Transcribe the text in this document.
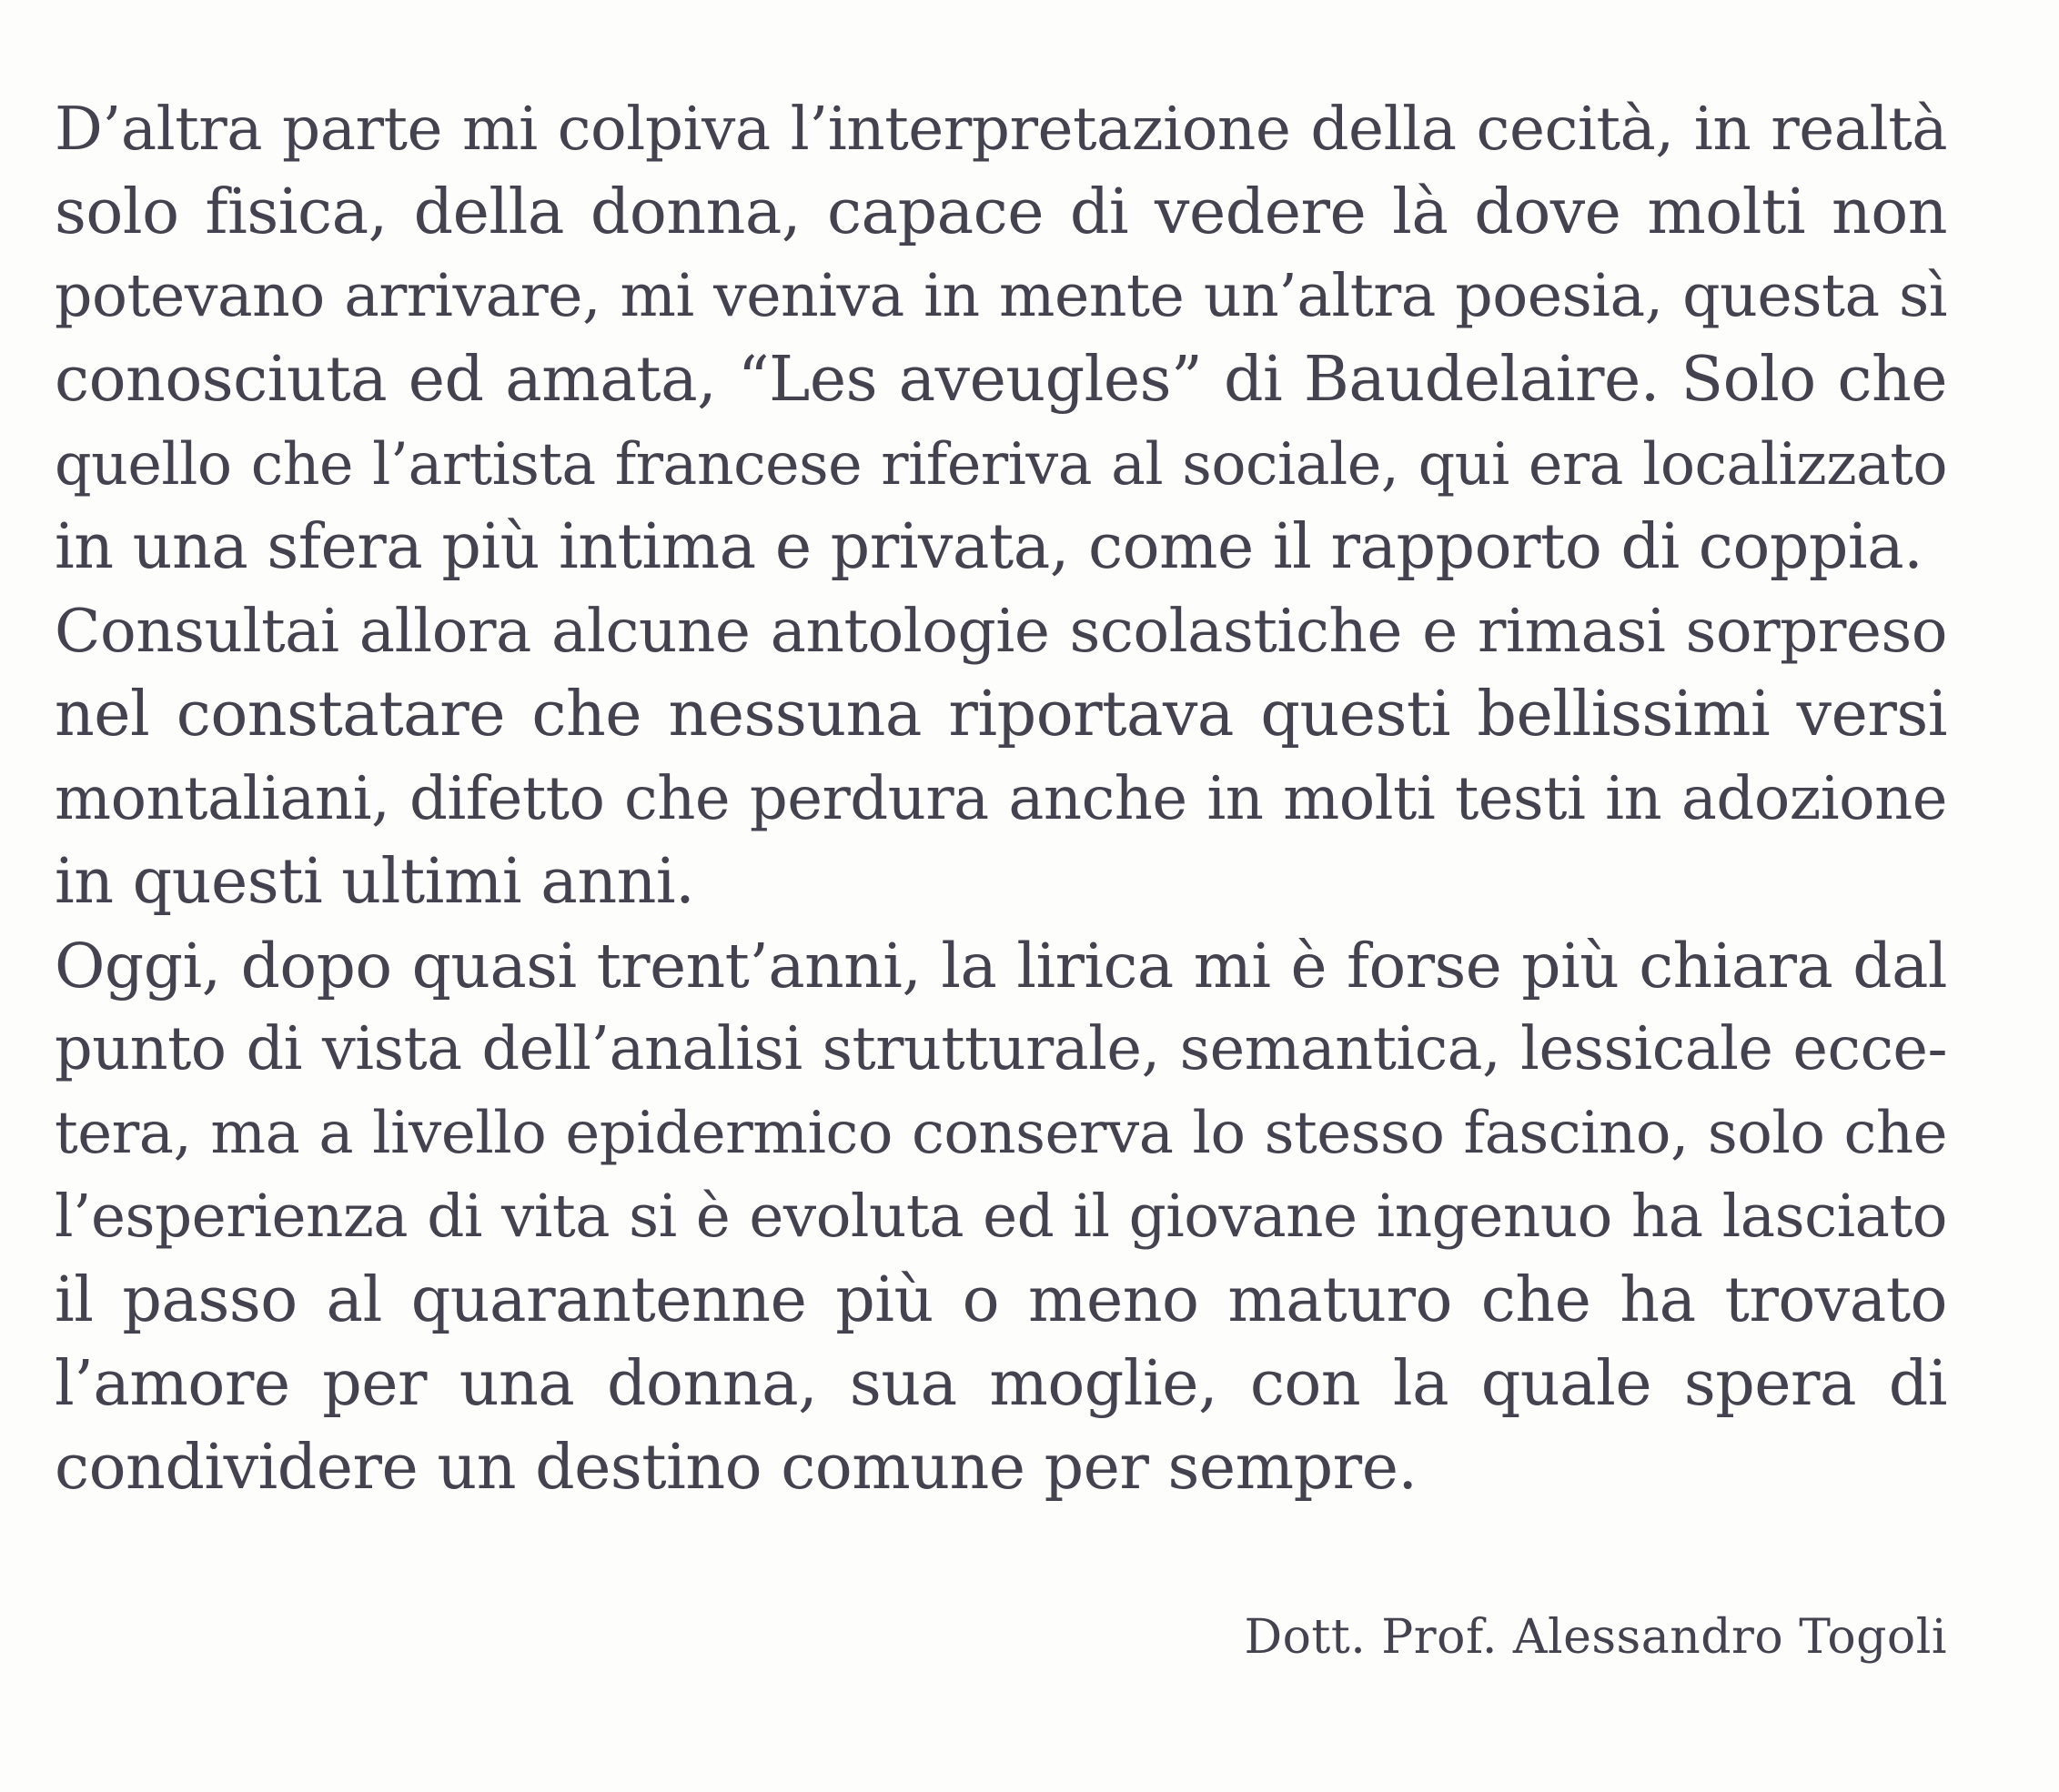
D’altra parte mi colpiva l’interpretazione della cecità, in realtà
solo fisica, della donna, capace di vedere là dove molti non
potevano arrivare, mi veniva in mente un’altra poesia, questa sì
conosciuta ed amata, “Les aveugles” di Baudelaire. Solo che
quello che l’artista francese riferiva al sociale, qui era localizzato
in una sfera più intima e privata, come il rapporto di coppia.
Consultai allora alcune antologie scolastiche e rimasi sorpreso
nel constatare che nessuna riportava questi bellissimi versi
montaliani, difetto che perdura anche in molti testi in adozione
in questi ultimi anni.
Oggi, dopo quasi trent’anni, la lirica mi è forse più chiara dal
punto di vista dell’analisi strutturale, semantica, lessicale ecce-
tera, ma a livello epidermico conserva lo stesso fascino, solo che
l’esperienza di vita si è evoluta ed il giovane ingenuo ha lasciato
il passo al quarantenne più o meno maturo che ha trovato
l’amore per una donna, sua moglie, con la quale spera di
condividere un destino comune per sempre.
Dott. Prof. Alessandro Togoli
